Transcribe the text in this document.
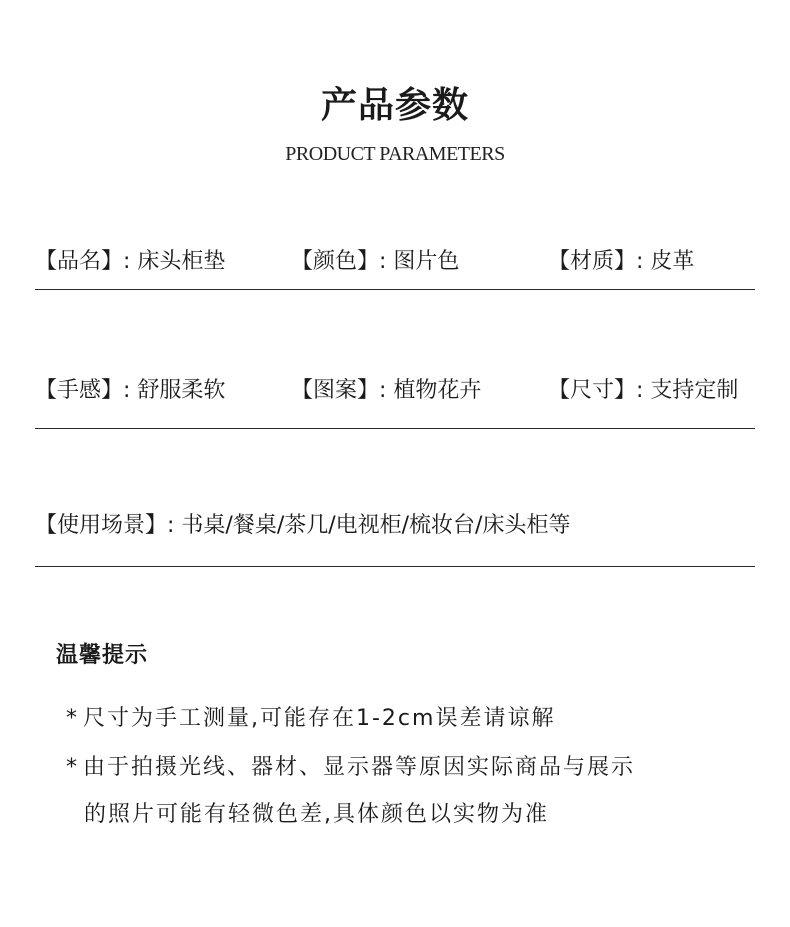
产品参数
PRODUCT PARAMETERS
【品名】: 床头柜垫	【颜色】: 图片色	【材质】: 皮革
【手感】: 舒服柔软	【图案】: 植物花卉	【尺寸】: 支持定制
【使用场景】: 书桌/餐桌/茶几/电视柜/梳妆台/床头柜等
温馨提示
* 尺寸为手工测量,可能存在1-2cm误差请谅解
* 由于拍摄光线、器材、显示器等原因实际商品与展示
的照片可能有轻微色差,具体颜色以实物为准
